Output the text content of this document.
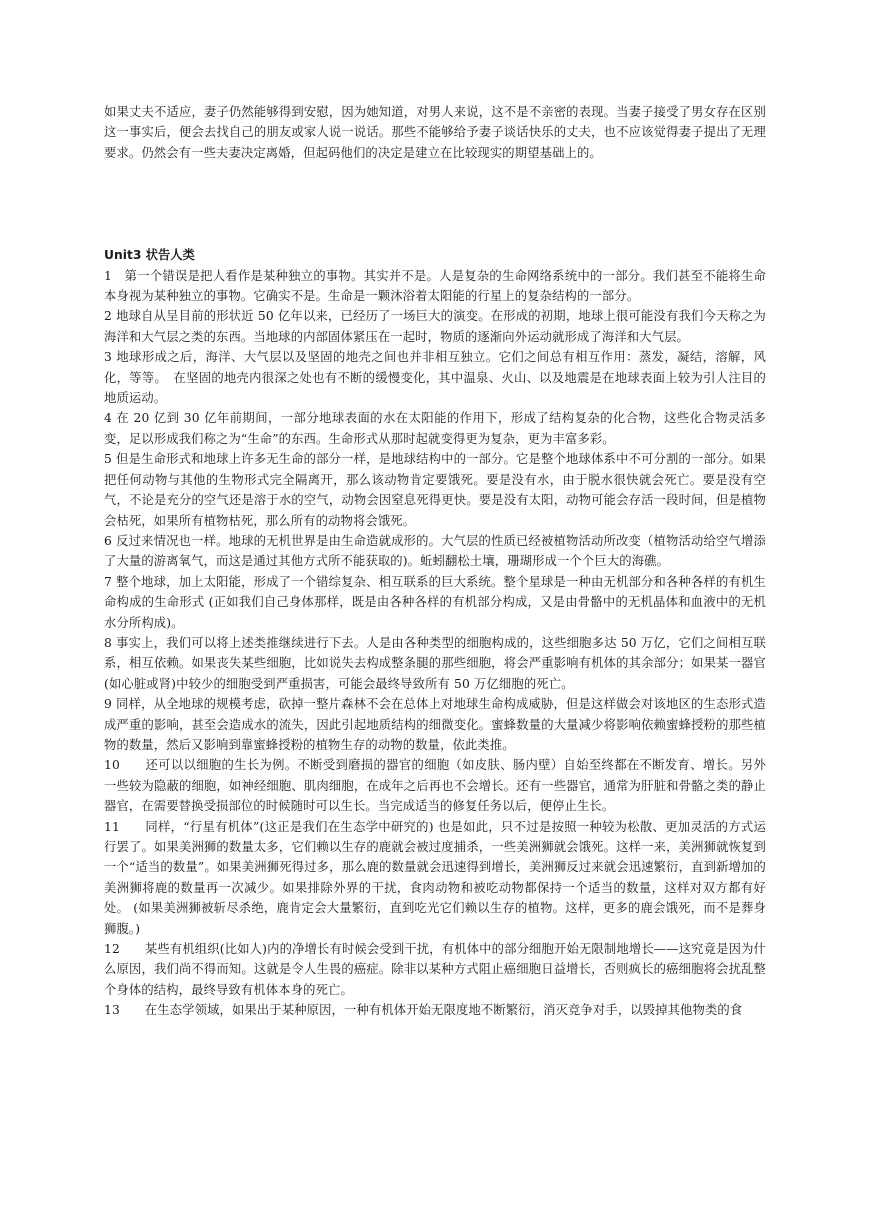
如果丈夫不适应，妻子仍然能够得到安慰，因为她知道，对男人来说，这不是不亲密的表现。当妻子接受了男女存在区别这一事实后，便会去找自己的朋友或家人说一说话。那些不能够给予妻子谈话快乐的丈夫，也不应该觉得妻子提出了无理要求。仍然会有一些夫妻决定离婚，但起码他们的决定是建立在比较现实的期望基础上的。

Unit3 状告人类

1　第一个错误是把人看作是某种独立的事物。其实并不是。人是复杂的生命网络系统中的一部分。我们甚至不能将生命本身视为某种独立的事物。它确实不是。生命是一颗沐浴着太阳能的行星上的复杂结构的一部分。

2 地球自从呈目前的形状近 50 亿年以来，已经历了一场巨大的演变。在形成的初期，地球上很可能没有我们今天称之为海洋和大气层之类的东西。当地球的内部固体紧压在一起时，物质的逐渐向外运动就形成了海洋和大气层。

3 地球形成之后，海洋、大气层以及坚固的地壳之间也并非相互独立。它们之间总有相互作用：蒸发，凝结，溶解，风化，等等。　在坚固的地壳内很深之处也有不断的缓慢变化，其中温泉、火山、以及地震是在地球表面上较为引人注目的地质运动。

4 在 20 亿到 30 亿年前期间，一部分地球表面的水在太阳能的作用下，形成了结构复杂的化合物，这些化合物灵活多变，足以形成我们称之为“生命”的东西。生命形式从那时起就变得更为复杂，更为丰富多彩。

5 但是生命形式和地球上许多无生命的部分一样，是地球结构中的一部分。它是整个地球体系中不可分割的一部分。如果把任何动物与其他的生物形式完全隔离开，那么该动物肯定要饿死。要是没有水，由于脱水很快就会死亡。要是没有空气，不论是充分的空气还是溶于水的空气，动物会因窒息死得更快。要是没有太阳，动物可能会存活一段时间，但是植物会枯死，如果所有植物枯死，那么所有的动物将会饿死。

6 反过来情况也一样。地球的无机世界是由生命造就成形的。大气层的性质已经被植物活动所改变（植物活动给空气增添了大量的游离氧气，而这是通过其他方式所不能获取的)。蚯蚓翻松土壤，珊瑚形成一个个巨大的海礁。

7 整个地球，加上太阳能，形成了一个错综复杂、相互联系的巨大系统。整个星球是一种由无机部分和各种各样的有机生命构成的生命形式 (正如我们自己身体那样，既是由各种各样的有机部分构成，又是由骨骼中的无机晶体和血液中的无机水分所构成)。

8 事实上，我们可以将上述类推继续进行下去。人是由各种类型的细胞构成的，这些细胞多达 50 万亿，它们之间相互联系，相互依赖。如果丧失某些细胞，比如说失去构成整条腿的那些细胞，将会严重影响有机体的其余部分；如果某一器官(如心脏或肾)中较少的细胞受到严重损害，可能会最终导致所有 50 万亿细胞的死亡。

9 同样，从全地球的规模考虑，砍掉一整片森林不会在总体上对地球生命构成威胁，但是这样做会对该地区的生态形式造成严重的影响，甚至会造成水的流失，因此引起地质结构的细微变化。蜜蜂数量的大量减少将影响依赖蜜蜂授粉的那些植物的数量，然后又影响到靠蜜蜂授粉的植物生存的动物的数量，依此类推。

10　　还可以以细胞的生长为例。不断受到磨损的器官的细胞（如皮肤、肠内壁）自始至终都在不断发育、增长。另外一些较为隐蔽的细胞，如神经细胞、肌肉细胞，在成年之后再也不会增长。还有一些器官，通常为肝脏和骨骼之类的静止器官，在需要替换受损部位的时候随时可以生长。当完成适当的修复任务以后，便停止生长。

11　　同样，“行星有机体”(这正是我们在生态学中研究的) 也是如此，只不过是按照一种较为松散、更加灵活的方式运行罢了。如果美洲狮的数量太多，它们赖以生存的鹿就会被过度捕杀，一些美洲狮就会饿死。这样一来，美洲狮就恢复到一个“适当的数量”。如果美洲狮死得过多，那么鹿的数量就会迅速得到增长，美洲狮反过来就会迅速繁衍，直到新增加的美洲狮将鹿的数量再一次减少。如果排除外界的干扰，食肉动物和被吃动物都保持一个适当的数量，这样对双方都有好处。 (如果美洲狮被斩尽杀绝，鹿肯定会大量繁衍，直到吃光它们赖以生存的植物。这样，更多的鹿会饿死，而不是葬身狮腹。)

12　　某些有机组织(比如人)内的净增长有时候会受到干扰，有机体中的部分细胞开始无限制地增长——这究竟是因为什么原因，我们尚不得而知。这就是令人生畏的癌症。除非以某种方式阻止癌细胞日益增长，否则疯长的癌细胞将会扰乱整个身体的结构，最终导致有机体本身的死亡。

13　　在生态学领域，如果出于某种原因，一种有机体开始无限度地不断繁衍，消灭竞争对手，以毁掉其他物类的食
